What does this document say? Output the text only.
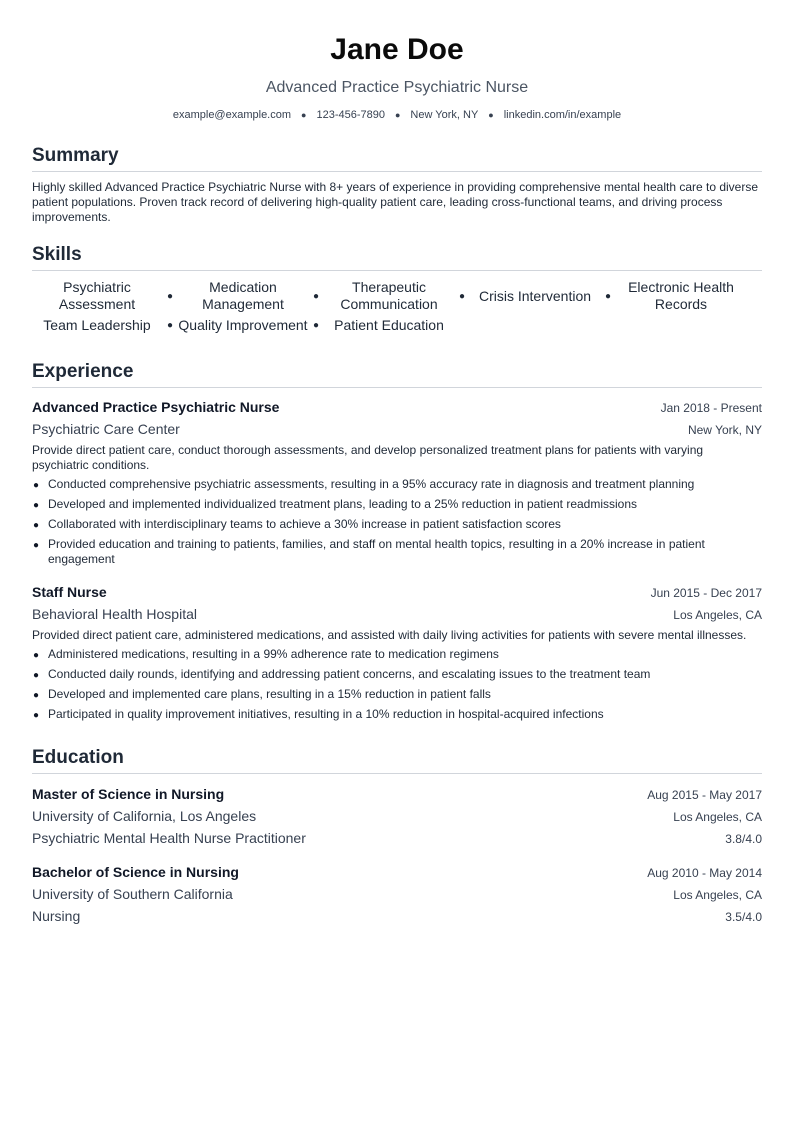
Jane Doe
Advanced Practice Psychiatric Nurse
example@example.com ● 123-456-7890 ● New York, NY ● linkedin.com/in/example
Summary
Highly skilled Advanced Practice Psychiatric Nurse with 8+ years of experience in providing comprehensive mental health care to diverse patient populations. Proven track record of delivering high-quality patient care, leading cross-functional teams, and driving process improvements.
Skills
Psychiatric Assessment	●
Medication Management	●
Therapeutic Communication	● Crisis Intervention	●
Electronic Health Records
Team Leadership	● Quality Improvement ●	Patient Education
Experience
Advanced Practice Psychiatric Nurse	Jan 2018 - Present
Psychiatric Care Center	New York, NY
Provide direct patient care, conduct thorough assessments, and develop personalized treatment plans for patients with varying psychiatric conditions.
● Conducted comprehensive psychiatric assessments, resulting in a 95% accuracy rate in diagnosis and treatment planning
● Developed and implemented individualized treatment plans, leading to a 25% reduction in patient readmissions
● Collaborated with interdisciplinary teams to achieve a 30% increase in patient satisfaction scores
● Provided education and training to patients, families, and staff on mental health topics, resulting in a 20% increase in patient engagement
Staff Nurse	Jun 2015 - Dec 2017
Behavioral Health Hospital	Los Angeles, CA
Provided direct patient care, administered medications, and assisted with daily living activities for patients with severe mental illnesses.
● Administered medications, resulting in a 99% adherence rate to medication regimens
● Conducted daily rounds, identifying and addressing patient concerns, and escalating issues to the treatment team
● Developed and implemented care plans, resulting in a 15% reduction in patient falls
● Participated in quality improvement initiatives, resulting in a 10% reduction in hospital-acquired infections
Education
Master of Science in Nursing	Aug 2015 - May 2017
University of California, Los Angeles	Los Angeles, CA
Psychiatric Mental Health Nurse Practitioner	3.8/4.0
Bachelor of Science in Nursing	Aug 2010 - May 2014
University of Southern California	Los Angeles, CA
Nursing	3.5/4.0
